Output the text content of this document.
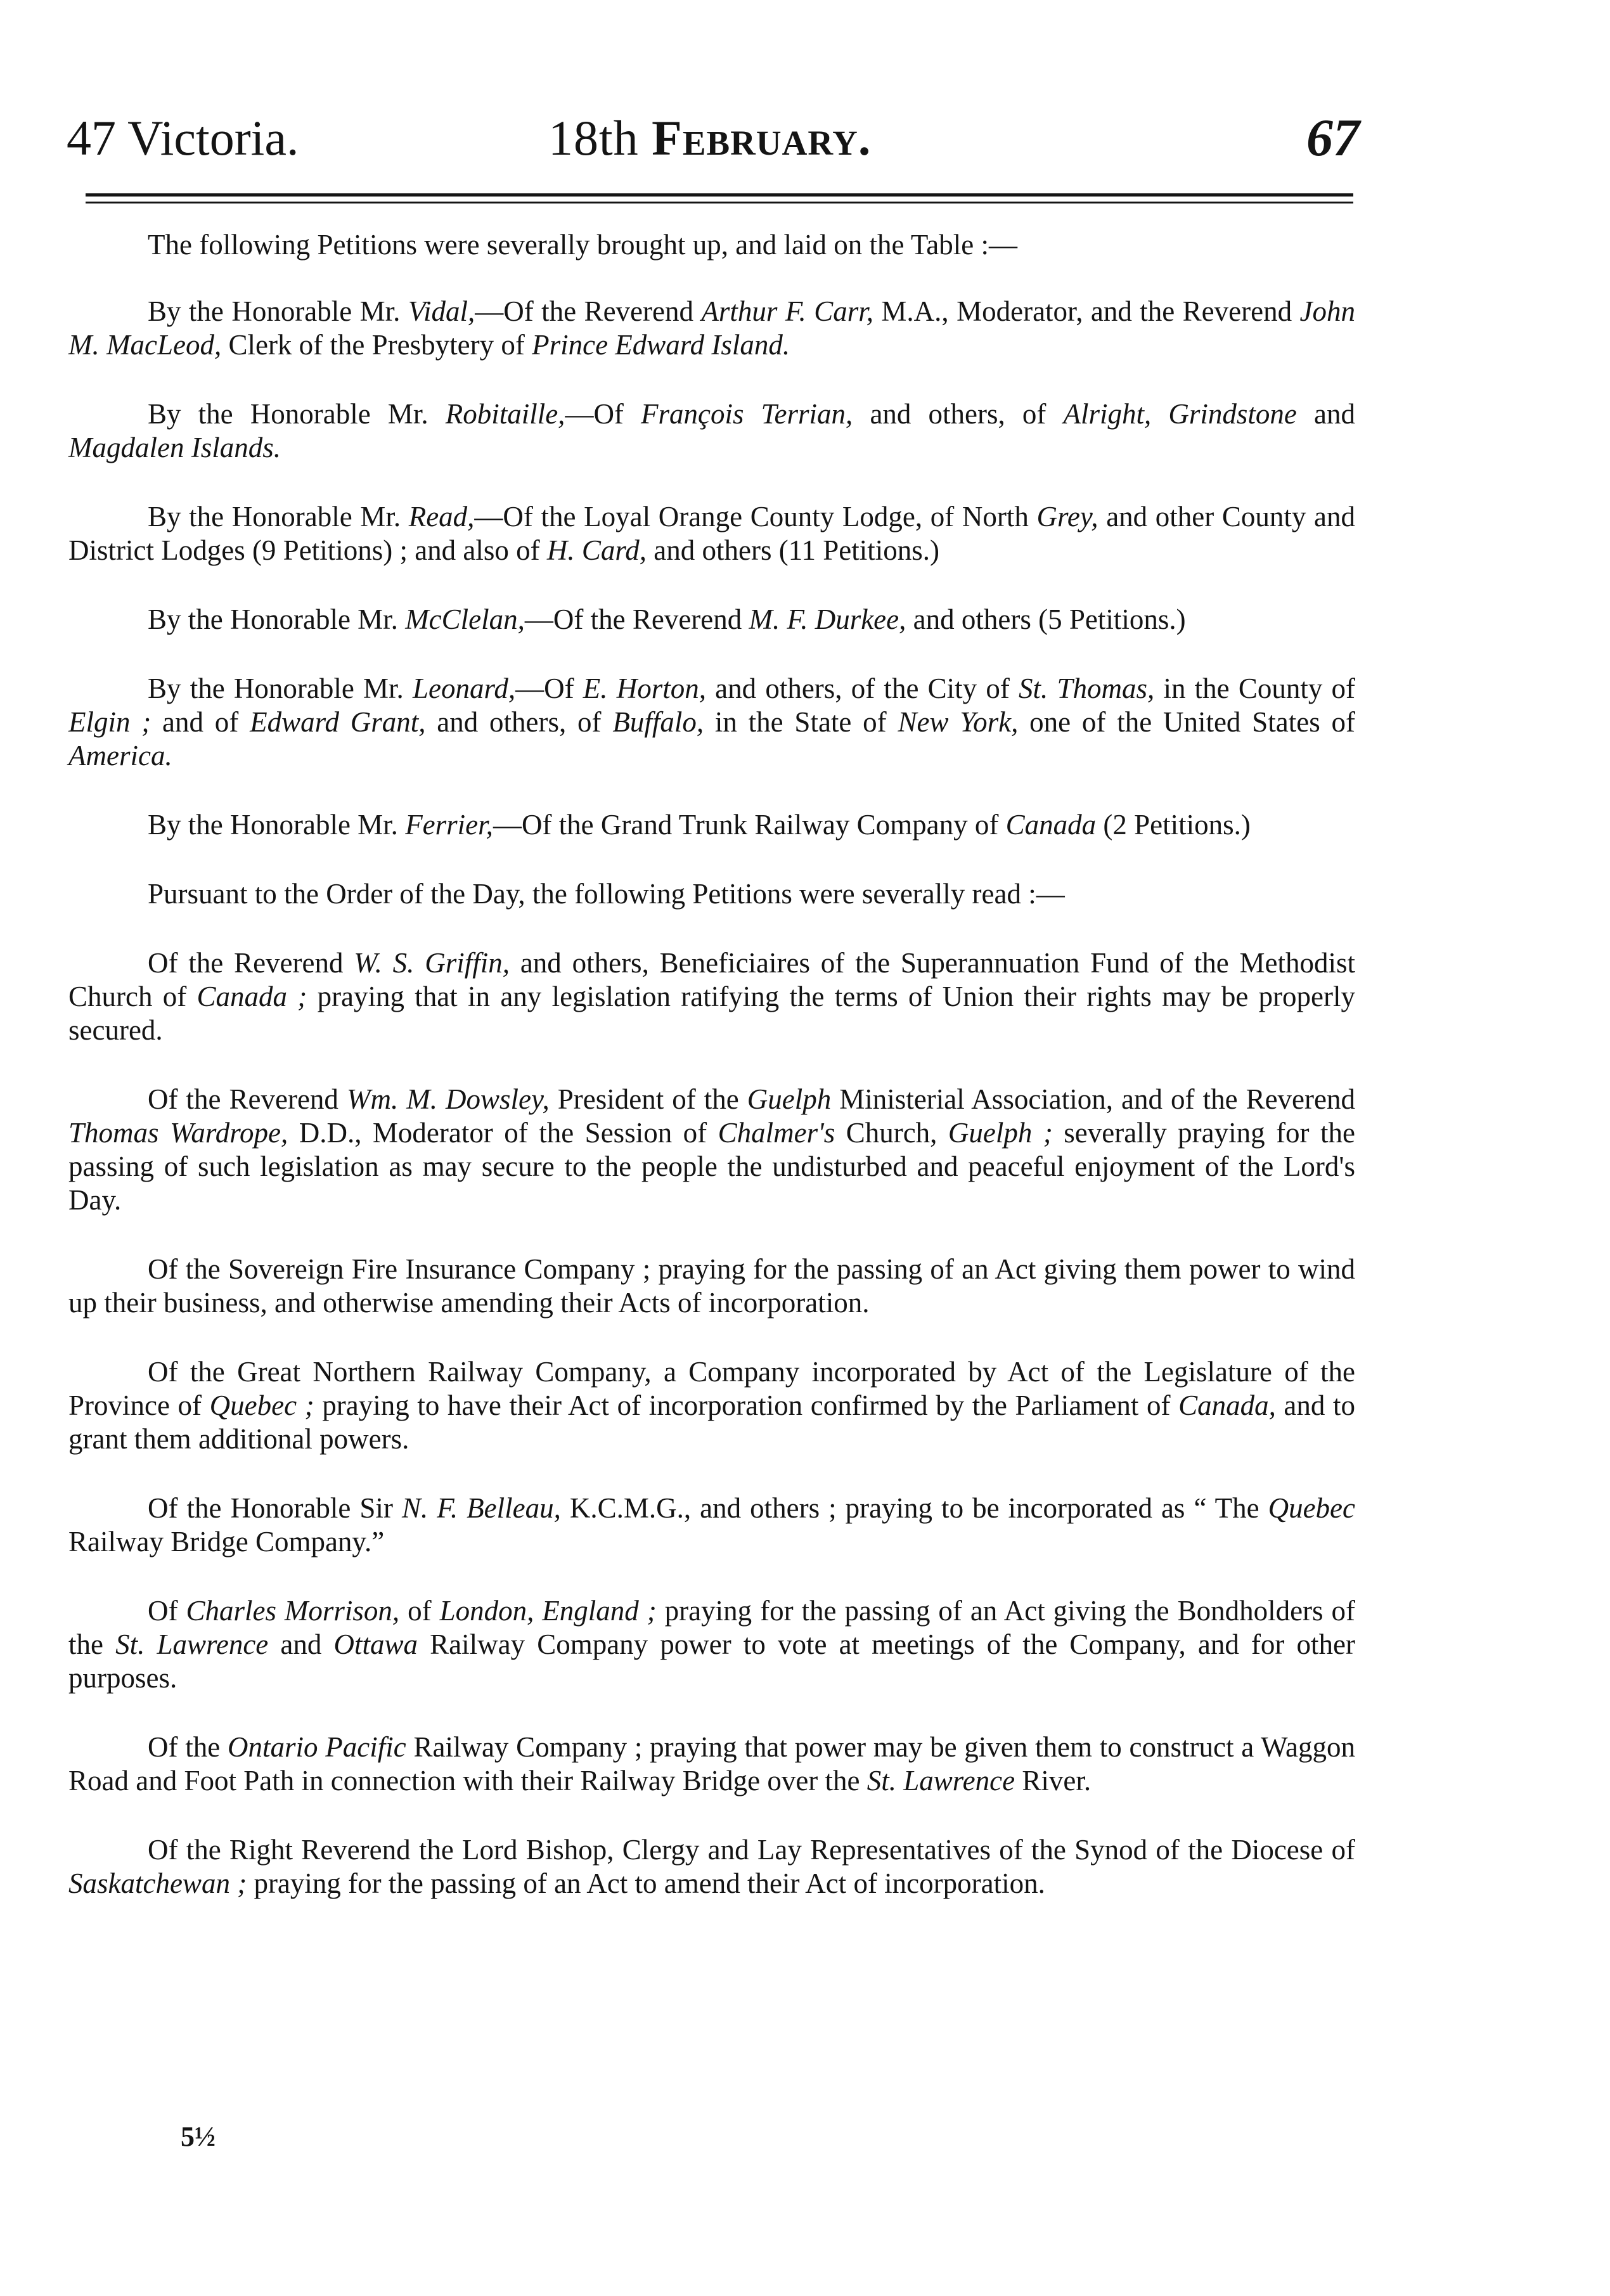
47 Victoria.	18th February.	67

The following Petitions were severally brought up, and laid on the Table :—

By the Honorable Mr. Vidal,—Of the Reverend Arthur F. Carr, M.A., Moderator, and the Reverend John M. MacLeod, Clerk of the Presbytery of Prince Edward Island.

By the Honorable Mr. Robitaille,—Of François Terrian, and others, of Alright, Grindstone and Magdalen Islands.

By the Honorable Mr. Read,—Of the Loyal Orange County Lodge, of North Grey, and other County and District Lodges (9 Petitions) ; and also of H. Card, and others (11 Petitions.)

By the Honorable Mr. McClelan,—Of the Reverend M. F. Durkee, and others (5 Petitions.)

By the Honorable Mr. Leonard,—Of E. Horton, and others, of the City of St. Thomas, in the County of Elgin ; and of Edward Grant, and others, of Buffalo, in the State of New York, one of the United States of America.

By the Honorable Mr. Ferrier,—Of the Grand Trunk Railway Company of Canada (2 Petitions.)

Pursuant to the Order of the Day, the following Petitions were severally read :—

Of the Reverend W. S. Griffin, and others, Beneficiaires of the Superannuation Fund of the Methodist Church of Canada ; praying that in any legislation ratifying the terms of Union their rights may be properly secured.

Of the Reverend Wm. M. Dowsley, President of the Guelph Ministerial Association, and of the Reverend Thomas Wardrope, D.D., Moderator of the Session of Chalmer's Church, Guelph ; severally praying for the passing of such legislation as may secure to the people the undisturbed and peaceful enjoyment of the Lord's Day.

Of the Sovereign Fire Insurance Company ; praying for the passing of an Act giving them power to wind up their business, and otherwise amending their Acts of incorporation.

Of the Great Northern Railway Company, a Company incorporated by Act of the Legislature of the Province of Quebec ; praying to have their Act of incorporation confirmed by the Parliament of Canada, and to grant them additional powers.

Of the Honorable Sir N. F. Belleau, K.C.M.G., and others ; praying to be incorporated as “ The Quebec Railway Bridge Company.”

Of Charles Morrison, of London, England ; praying for the passing of an Act giving the Bondholders of the St. Lawrence and Ottawa Railway Company power to vote at meetings of the Company, and for other purposes.

Of the Ontario Pacific Railway Company ; praying that power may be given them to construct a Waggon Road and Foot Path in connection with their Railway Bridge over the St. Lawrence River.

Of the Right Reverend the Lord Bishop, Clergy and Lay Representatives of the Synod of the Diocese of Saskatchewan ; praying for the passing of an Act to amend their Act of incorporation.

5½
